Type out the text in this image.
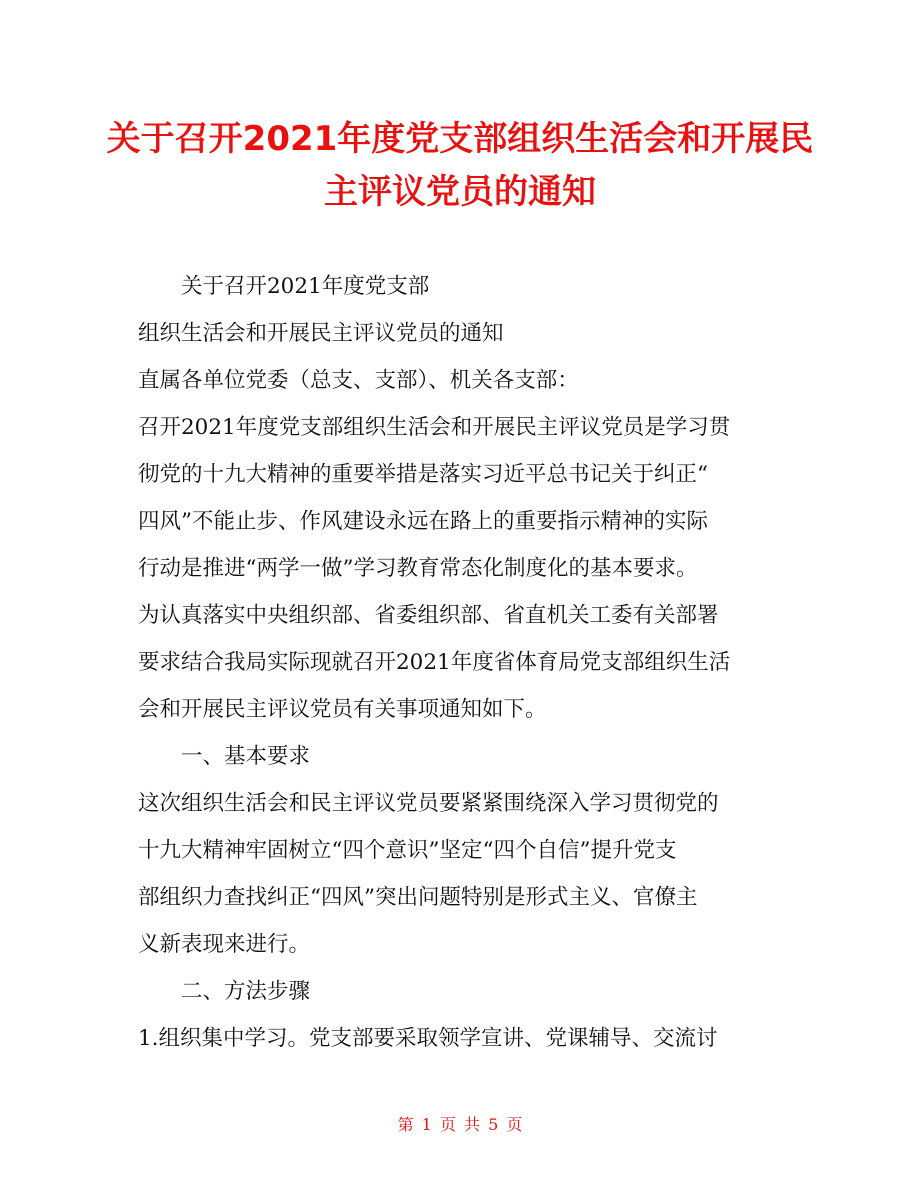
关于召开2021年度党支部组织生活会和开展民
主评议党员的通知

关于召开2021年度党支部

组织生活会和开展民主评议党员的通知

直属各单位党委（总支、支部）、机关各支部：

召开2021年度党支部组织生活会和开展民主评议党员是学习贯

彻党的十九大精神的重要举措是落实习近平总书记关于纠正“

四风”不能止步、作风建设永远在路上的重要指示精神的实际

行动是推进“两学一做”学习教育常态化制度化的基本要求。

为认真落实中央组织部、省委组织部、省直机关工委有关部署

要求结合我局实际现就召开2021年度省体育局党支部组织生活

会和开展民主评议党员有关事项通知如下。

一、基本要求

这次组织生活会和民主评议党员要紧紧围绕深入学习贯彻党的

十九大精神牢固树立“四个意识”坚定“四个自信”提升党支

部组织力查找纠正“四风”突出问题特别是形式主义、官僚主

义新表现来进行。

二、方法步骤

1.组织集中学习。党支部要采取领学宣讲、党课辅导、交流讨

第 1 页 共 5 页
